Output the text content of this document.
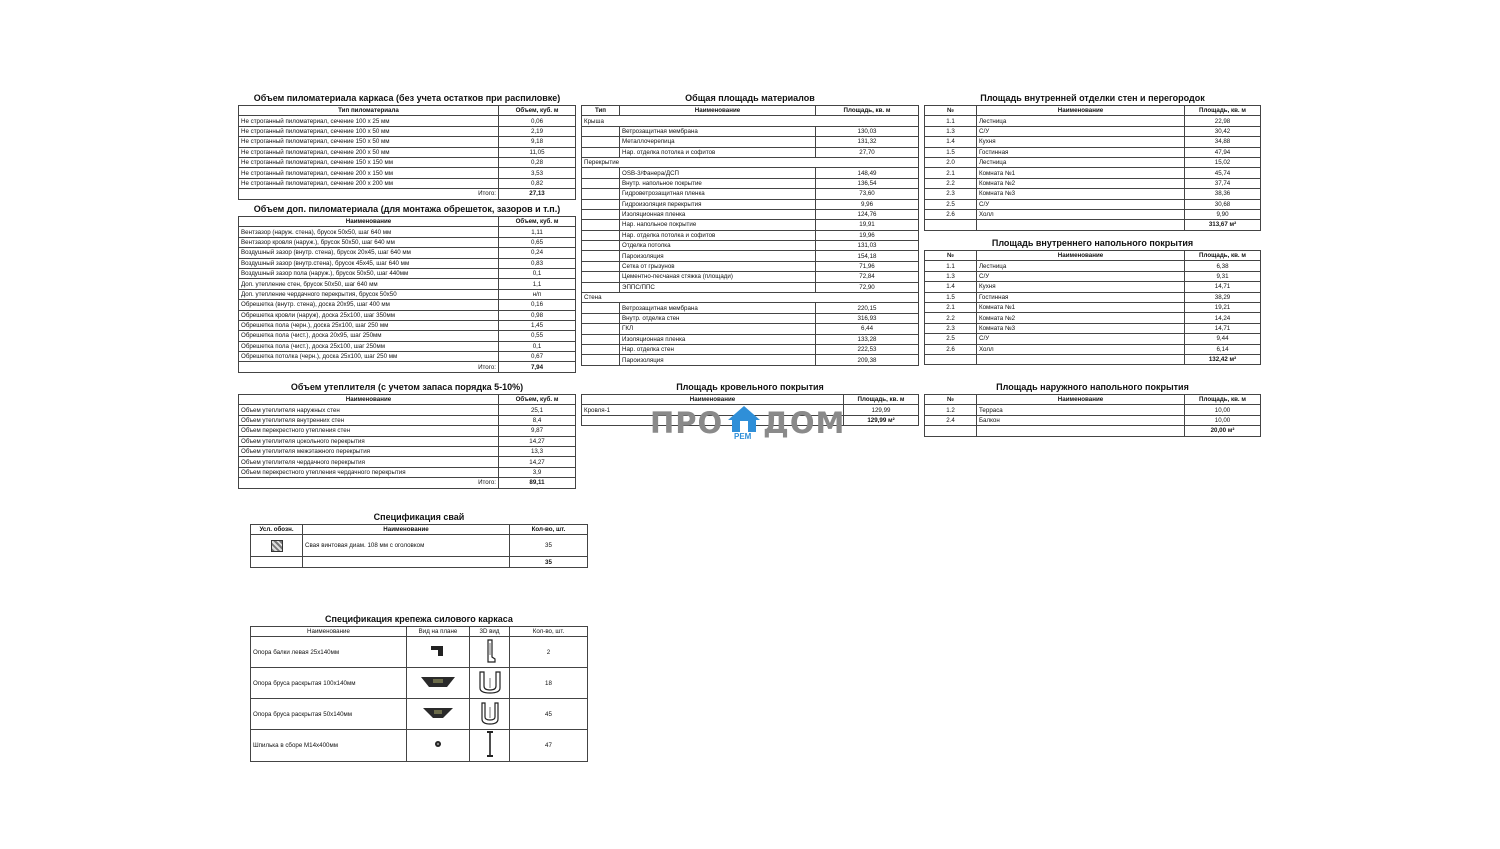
Объем пиломатериала каркаса (без учета остатков при распиловке)
Тип пиломатериала	Объем, куб. м
Не строганный пиломатериал, сечение 100 x 25 мм	0,06
Не строганный пиломатериал, сечение 100 x 50 мм	2,19
Не строганный пиломатериал, сечение 150 x 50 мм	9,18
Не строганный пиломатериал, сечение 200 x 50 мм	11,05
Не строганный пиломатериал, сечение 150 x 150 мм	0,28
Не строганный пиломатериал, сечение 200 x 150 мм	3,53
Не строганный пиломатериал, сечение 200 x 200 мм	0,82
Итого:	27,13
Объем доп. пиломатериала (для монтажа обрешеток, зазоров и т.п.)
Наименование	Объем, куб. м
Вентзазор (наруж. стена), брусок 50x50, шаг 640 мм	1,11
Вентзазор кровля (наруж.), брусок 50x50, шаг 640 мм	0,65
Воздушный зазор (внутр. стена), брусок 20x45, шаг 640 мм	0,24
Воздушный зазор (внутр.стена), брусок 45x45, шаг 640 мм	0,83
Воздушный зазор пола (наруж.), брусок 50x50, шаг 440мм	0,1
Доп. утепление стен, брусок 50x50, шаг 640 мм	1,1
Доп. утепление чердачного перекрытия, брусок 50x50	н/п
Обрешетка (внутр. стена), доска 20x95, шаг 400 мм	0,16
Обрешетка кровли (наруж), доска 25x100, шаг 350мм	0,98
Обрешетка пола (черн.), доска 25x100, шаг 250 мм	1,45
Обрешетка пола (чист.), доска 20x95, шаг 250мм	0,55
Обрешетка пола (чист.), доска 25x100, шаг 250мм	0,1
Обрешетка потолка (черн.), доска 25x100, шаг 250 мм	0,67
Итого:	7,94
Объем утеплителя (с учетом запаса порядка 5-10%)
Наименование	Объем, куб. м
Объем утеплителя наружных стен	25,1
Объем утеплителя внутренних стен	8,4
Объем перекрестного утепления стен	9,87
Объем утеплителя цокольного перекрытия	14,27
Объем утеплителя межэтажного перекрытия	13,3
Объем утеплителя чердачного перекрытия	14,27
Объем перекрестного утепления чердачного перекрытия	3,9
Итого:	89,11
Общая площадь материалов
Тип	Наименование	Площадь, кв. м
Крыша		
	Ветрозащитная мембрана	130,03
	Металлочерепица	131,32
	Нар. отделка потолка и софитов	27,70
Перекрытие		
	OSB-3/Фанера/ДСП	148,49
	Внутр. напольное покрытие	136,54
	Гидроветрозащитная пленка	73,60
	Гидроизоляция перекрытия	9,96
	Изоляционная пленка	124,76
	Нар. напольное покрытие	19,91
	Нар. отделка потолка и софитов	19,96
	Отделка потолка	131,03
	Пароизоляция	154,18
	Сетка от грызунов	71,96
	Цементно-песчаная стяжка (площади)	72,84
	ЭППС/ППС	72,90
Стена		
	Ветрозащитная мембрана	220,15
	Внутр. отделка стен	316,93
	ГКЛ	6,44
	Изоляционная пленка	133,28
	Нар. отделка стен	222,53
	Пароизоляция	209,38
Площадь кровельного покрытия
Наименование	Площадь, кв. м
Кровля-1	129,99
	129,99 м²
ПРО РЕМ ДОМ
Площадь внутренней отделки стен и перегородок
№	Наименование	Площадь, кв. м
1.1	Лестница	22,98
1.3	С/У	30,42
1.4	Кухня	34,88
1.5	Гостинная	47,94
2.0	Лестница	15,02
2.1	Комната №1	45,74
2.2	Комната №2	37,74
2.3	Комната №3	38,36
2.5	С/У	30,68
2.6	Холл	9,90
		313,67 м²
Площадь внутреннего напольного покрытия
№	Наименование	Площадь, кв. м
1.1	Лестница	6,38
1.3	С/У	9,31
1.4	Кухня	14,71
1.5	Гостинная	38,29
2.1	Комната №1	19,21
2.2	Комната №2	14,24
2.3	Комната №3	14,71
2.5	С/У	9,44
2.6	Холл	6,14
		132,42 м²
Площадь наружного напольного покрытия
№	Наименование	Площадь, кв. м
1.2	Терраса	10,00
2.4	Балкон	10,00
		20,00 м²
Спецификация свай
Усл. обозн.	Наименование	Кол-во, шт.
	Свая винтовая диам. 108 мм с оголовком	35
		35
Спецификация крепежа силового каркаса
Наименование	Вид на плане	3D вид	Кол-во, шт.
Опора балки левая 25x140мм			2
Опора бруса раскрытая 100x140мм			18
Опора бруса раскрытая 50x140мм			45
Шпилька в сборе М14x400мм			47
